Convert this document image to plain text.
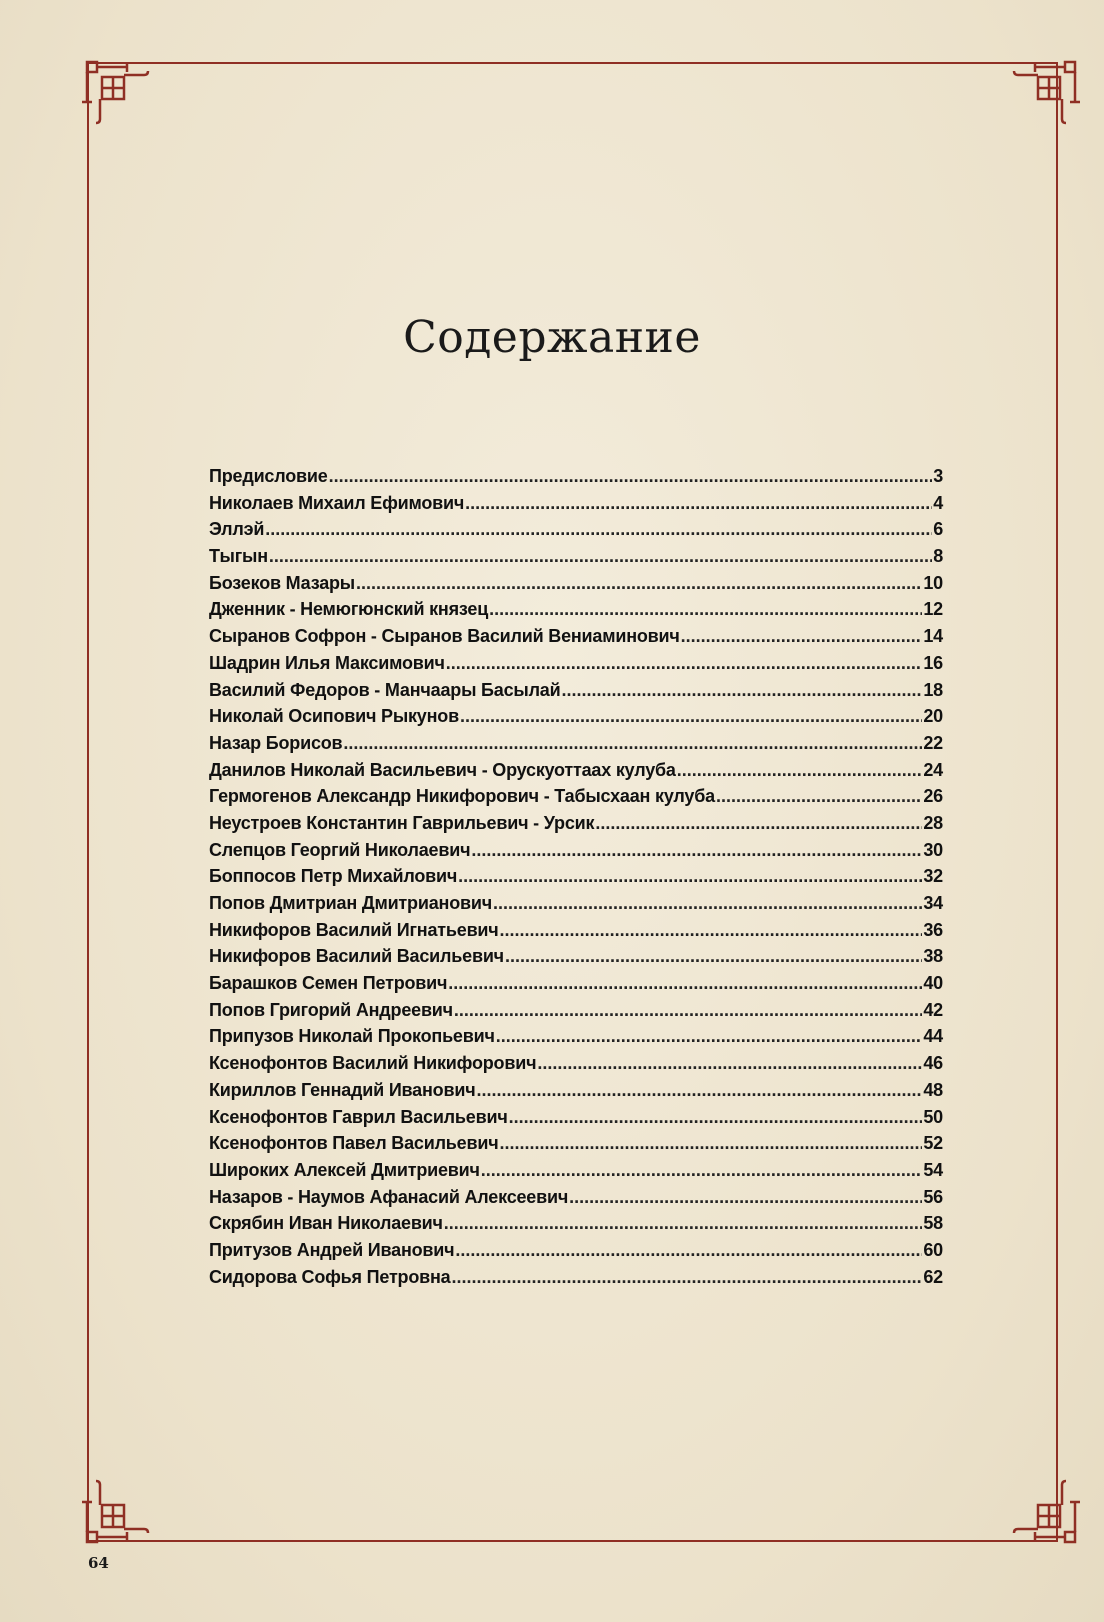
Содержание
Предисловие .....	3
Николаев Михаил Ефимович .....	4
Эллэй .....	6
Тыгын .....	8
Бозеков Мазары .....	10
Дженник - Немюгюнский князец .....	12
Сыранов Софрон - Сыранов Василий Вениаминович .....	14
Шадрин Илья Максимович .....	16
Василий Федоров - Манчаары Басылай .....	18
Николай Осипович Рыкунов .....	20
Назар Борисов .....	22
Данилов Николай Васильевич - Орускуоттаах кулуба .....	24
Гермогенов Александр Никифорович - Табысхаан кулуба .....	26
Неустроев Константин Гаврильевич - Урсик .....	28
Слепцов Георгий Николаевич .....	30
Боппосов Петр Михайлович .....	32
Попов Дмитриан Дмитрианович .....	34
Никифоров Василий Игнатьевич .....	36
Никифоров Василий Васильевич .....	38
Барашков Семен Петрович .....	40
Попов Григорий Андреевич .....	42
Припузов Николай Прокопьевич .....	44
Ксенофонтов Василий Никифорович .....	46
Кириллов Геннадий Иванович .....	48
Ксенофонтов Гаврил Васильевич .....	50
Ксенофонтов Павел Васильевич .....	52
Широких Алексей Дмитриевич .....	54
Назаров - Наумов Афанасий Алексеевич .....	56
Скрябин Иван Николаевич .....	58
Притузов Андрей Иванович .....	60
Сидорова Софья Петровна .....	62
64
